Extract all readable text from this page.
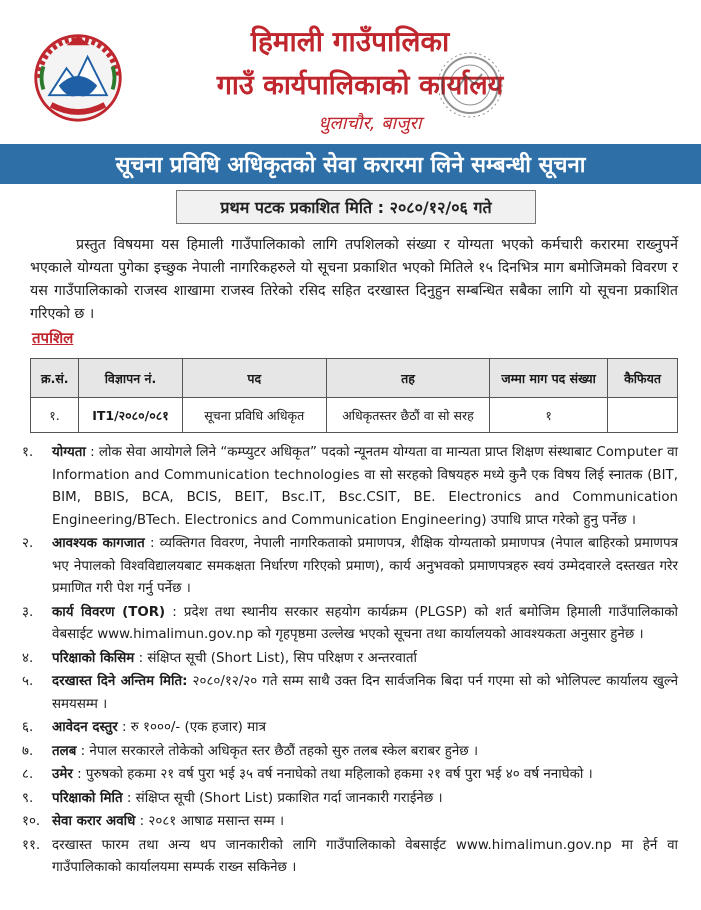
हिमाली गाउँपालिका
गाउँ कार्यपालिकाको कार्यालय
धुलाचौर, बाजुरा
सूचना प्रविधि अधिकृतको सेवा करारमा लिने सम्बन्धी सूचना
प्रथम पटक प्रकाशित मिति : २०८०/१२/०६ गते
प्रस्तुत विषयमा यस हिमाली गाउँपालिकाको लागि तपशिलको संख्या र योग्यता भएको कर्मचारी करारमा राख्नुपर्ने भएकाले योग्यता पुगेका इच्छुक नेपाली नागरिकहरुले यो सूचना प्रकाशित भएको मितिले १५ दिनभित्र माग बमोजिमको विवरण र यस गाउँपालिकाको राजस्व शाखामा राजस्व तिरेको रसिद सहित दरखास्त दिनुहुन सम्बन्धित सबैका लागि यो सूचना प्रकाशित गरिएको छ ।
तपशिल
क्र.सं.	विज्ञापन नं.	पद	तह	जम्मा माग पद संख्या	कैफियत
१.	IT1/२०८०/०८१	सूचना प्रविधि अधिकृत	अधिकृतस्तर छैठौं वा सो सरह	१	
१.	योग्यता : लोक सेवा आयोगले लिने “कम्प्युटर अधिकृत” पदको न्यूनतम योग्यता वा मान्यता प्राप्त शिक्षण संस्थाबाट Computer वा Information and Communication technologies वा सो सरहको विषयहरु मध्ये कुनै एक विषय लिई स्नातक (BIT, BIM, BBIS, BCA, BCIS, BEIT, Bsc.IT, Bsc.CSIT, BE. Electronics and Communication Engineering/BTech. Electronics and Communication Engineering) उपाधि प्राप्त गरेको हुनु पर्नेछ ।
२.	आवश्यक कागजात : व्यक्तिगत विवरण, नेपाली नागरिकताको प्रमाणपत्र, शैक्षिक योग्यताको प्रमाणपत्र (नेपाल बाहिरको प्रमाणपत्र भए नेपालको विश्वविद्यालयबाट समकक्षता निर्धारण गरिएको प्रमाण), कार्य अनुभवको प्रमाणपत्रहरु स्वयं उम्मेदवारले दस्तखत गरेर प्रमाणित गरी पेश गर्नु पर्नेछ ।
३.	कार्य विवरण (TOR) : प्रदेश तथा स्थानीय सरकार सहयोग कार्यक्रम (PLGSP) को शर्त बमोजिम हिमाली गाउँपालिकाको वेबसाईट www.himalimun.gov.np को गृहपृष्ठमा उल्लेख भएको सूचना तथा कार्यालयको आवश्यकता अनुसार हुनेछ ।
४.	परिक्षाको किसिम : संक्षिप्त सूची (Short List), सिप परिक्षण र अन्तरवार्ता
५.	दरखास्त दिने अन्तिम मिति: २०८०/१२/२० गते सम्म साथै उक्त दिन सार्वजनिक बिदा पर्न गएमा सो को भोलिपल्ट कार्यालय खुल्ने समयसम्म ।
६.	आवेदन दस्तुर : रु १०००/- (एक हजार) मात्र
७.	तलब : नेपाल सरकारले तोकेको अधिकृत स्तर छैठौं तहको सुरु तलब स्केल बराबर हुनेछ ।
८.	उमेर : पुरुषको हकमा २१ वर्ष पुरा भई ३५ वर्ष ननाघेको तथा महिलाको हकमा २१ वर्ष पुरा भई ४० वर्ष ननाघेको ।
९.	परिक्षाको मिति : संक्षिप्त सूची (Short List) प्रकाशित गर्दा जानकारी गराईनेछ ।
१०. सेवा करार अवधि : २०८१ आषाढ मसान्त सम्म ।
११. दरखास्त फारम तथा अन्य थप जानकारीको लागि गाउँपालिकाको वेबसाईट www.himalimun.gov.np मा हेर्न वा गाउँपालिकाको कार्यालयमा सम्पर्क राख्न सकिनेछ ।
